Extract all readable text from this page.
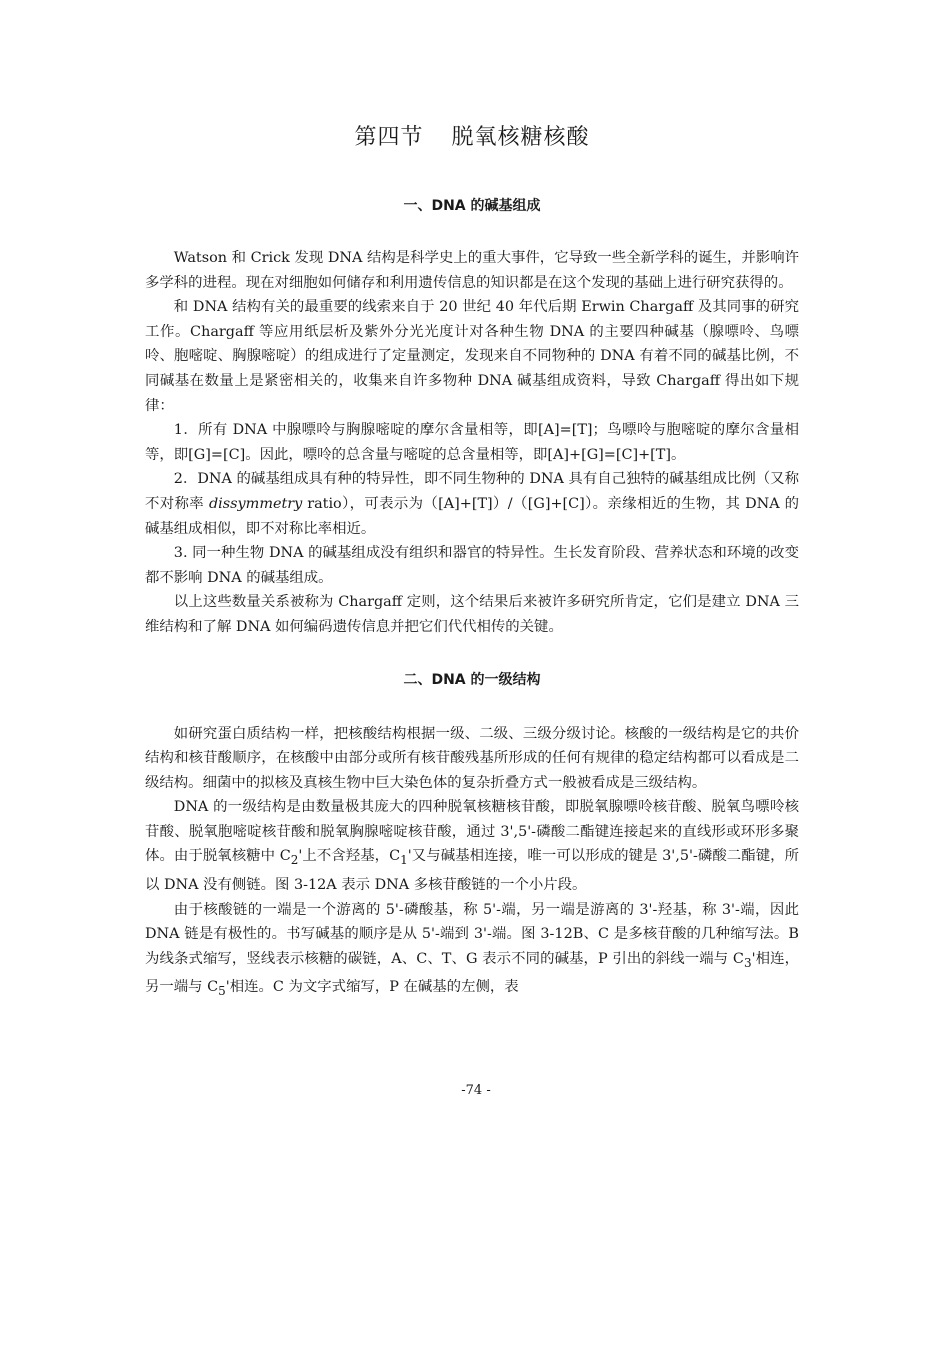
第四节 脱氧核糖核酸
一、DNA 的碱基组成

Watson 和 Crick 发现 DNA 结构是科学史上的重大事件，它导致一些全新学科的诞生，并影响许多学科的进程。现在对细胞如何储存和利用遗传信息的知识都是在这个发现的基础上进行研究获得的。

和 DNA 结构有关的最重要的线索来自于 20 世纪 40 年代后期 Erwin Chargaff 及其同事的研究工作。Chargaff 等应用纸层析及紫外分光光度计对各种生物 DNA 的主要四种碱基（腺嘌呤、鸟嘌呤、胞嘧啶、胸腺嘧啶）的组成进行了定量测定，发现来自不同物种的 DNA 有着不同的碱基比例，不同碱基在数量上是紧密相关的，收集来自许多物种 DNA 碱基组成资料，导致 Chargaff 得出如下规律：

1．所有 DNA 中腺嘌呤与胸腺嘧啶的摩尔含量相等，即[A]=[T]；鸟嘌呤与胞嘧啶的摩尔含量相等，即[G]=[C]。因此，嘌呤的总含量与嘧啶的总含量相等，即[A]+[G]=[C]+[T]。

2．DNA 的碱基组成具有种的特异性，即不同生物种的 DNA 具有自己独特的碱基组成比例（又称不对称率 dissymmetry ratio），可表示为（[A]+[T]）/（[G]+[C]）。亲缘相近的生物，其 DNA 的碱基组成相似，即不对称比率相近。

3. 同一种生物 DNA 的碱基组成没有组织和器官的特异性。生长发育阶段、营养状态和环境的改变都不影响 DNA 的碱基组成。

以上这些数量关系被称为 Chargaff 定则，这个结果后来被许多研究所肯定，它们是建立 DNA 三维结构和了解 DNA 如何编码遗传信息并把它们代代相传的关键。

二、DNA 的一级结构

如研究蛋白质结构一样，把核酸结构根据一级、二级、三级分级讨论。核酸的一级结构是它的共价结构和核苷酸顺序，在核酸中由部分或所有核苷酸残基所形成的任何有规律的稳定结构都可以看成是二级结构。细菌中的拟核及真核生物中巨大染色体的复杂折叠方式一般被看成是三级结构。

DNA 的一级结构是由数量极其庞大的四种脱氧核糖核苷酸，即脱氧腺嘌呤核苷酸、脱氧鸟嘌呤核苷酸、脱氧胞嘧啶核苷酸和脱氧胸腺嘧啶核苷酸，通过 3',5'-磷酸二酯键连接起来的直线形或环形多聚体。由于脱氧核糖中 $C_2'$上不含羟基，$C_1'$又与碱基相连接，唯一可以形成的键是 3',5'-磷酸二酯键，所以 DNA 没有侧链。图 3-12A 表示 DNA 多核苷酸链的一个小片段。

由于核酸链的一端是一个游离的 5'-磷酸基，称 5'-端，另一端是游离的 3'-羟基，称 3'-端，因此 DNA 链是有极性的。书写碱基的顺序是从 5'-端到 3'-端。图 3-12B、C 是多核苷酸的几种缩写法。B 为线条式缩写，竖线表示核糖的碳链，A、C、T、G 表示不同的碱基，P 引出的斜线一端与 $C_3'$相连，另一端与 $C_5'$相连。C 为文字式缩写，P 在碱基的左侧，表

-74 -
